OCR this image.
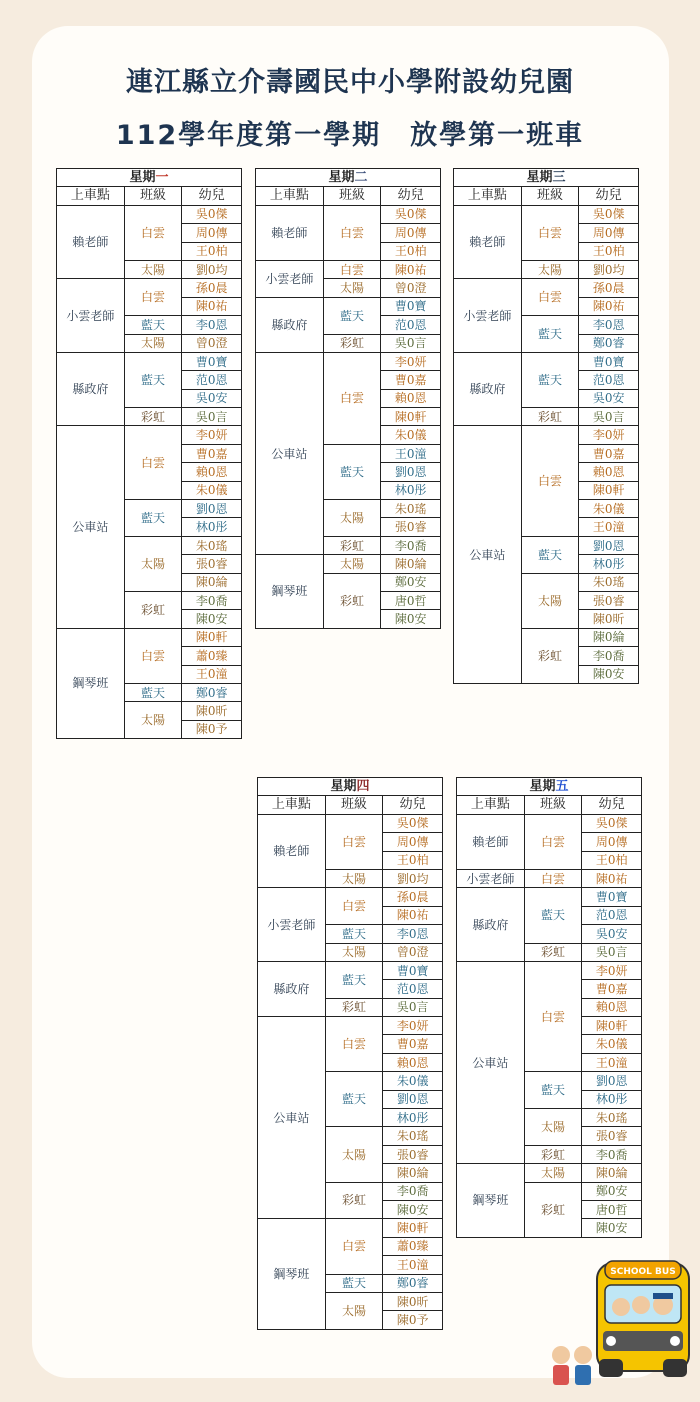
連江縣立介壽國民中小學附設幼兒園
112學年度第一學期　放學第一班車
星期一		
上車點	班級	幼兒
賴老師	白雲	吳0傑
		周0傳
		王0柏
	太陽	劉0均
小雲老師	白雲	孫0晨
		陳0祐
	藍天	李0恩
	太陽	曾0澄
縣政府	藍天	曹0寶
		范0恩
		吳0安
	彩虹	吳0言
公車站	白雲	李0妍
		曹0嘉
		賴0恩
		朱0儀
	藍天	劉0恩
		林0彤
	太陽	朱0瑤
		張0睿
		陳0綸
	彩虹	李0喬
		陳0安
鋼琴班	白雲	陳0軒
		蕭0臻
		王0潼
	藍天	鄭0睿
	太陽	陳0昕
		陳0予
星期二		
上車點	班級	幼兒
賴老師	白雲	吳0傑
		周0傳
		王0柏
小雲老師	白雲	陳0祐
	太陽	曾0澄
縣政府	藍天	曹0寶
		范0恩
	彩虹	吳0言
公車站	白雲	李0妍
		曹0嘉
		賴0恩
		陳0軒
		朱0儀
	藍天	王0潼
		劉0恩
		林0彤
	太陽	朱0瑤
		張0睿
	彩虹	李0喬
鋼琴班	太陽	陳0綸
	彩虹	鄭0安
		唐0哲
		陳0安
星期三		
上車點	班級	幼兒
賴老師	白雲	吳0傑
		周0傳
		王0柏
	太陽	劉0均
小雲老師	白雲	孫0晨
		陳0祐
	藍天	李0恩
		鄭0睿
縣政府	藍天	曹0寶
		范0恩
		吳0安
	彩虹	吳0言
公車站	白雲	李0妍
		曹0嘉
		賴0恩
		陳0軒
		朱0儀
		王0潼
	藍天	劉0恩
		林0彤
	太陽	朱0瑤
		張0睿
		陳0昕
	彩虹	陳0綸
		李0喬
		陳0安
星期四		
上車點	班級	幼兒
賴老師	白雲	吳0傑
		周0傳
		王0柏
	太陽	劉0均
小雲老師	白雲	孫0晨
		陳0祐
	藍天	李0恩
	太陽	曾0澄
縣政府	藍天	曹0寶
		范0恩
	彩虹	吳0言
公車站	白雲	李0妍
		曹0嘉
		賴0恩
	藍天	朱0儀
		劉0恩
		林0彤
	太陽	朱0瑤
		張0睿
		陳0綸
	彩虹	李0喬
		陳0安
鋼琴班	白雲	陳0軒
		蕭0臻
		王0潼
	藍天	鄭0睿
	太陽	陳0昕
		陳0予
星期五		
上車點	班級	幼兒
賴老師	白雲	吳0傑
		周0傳
		王0柏
小雲老師	白雲	陳0祐
縣政府	藍天	曹0寶
		范0恩
		吳0安
	彩虹	吳0言
公車站	白雲	李0妍
		曹0嘉
		賴0恩
		陳0軒
		朱0儀
		王0潼
	藍天	劉0恩
		林0彤
	太陽	朱0瑤
		張0睿
	彩虹	李0喬
鋼琴班	太陽	陳0綸
	彩虹	鄭0安
		唐0哲
		陳0安
SCHOOL BUS
